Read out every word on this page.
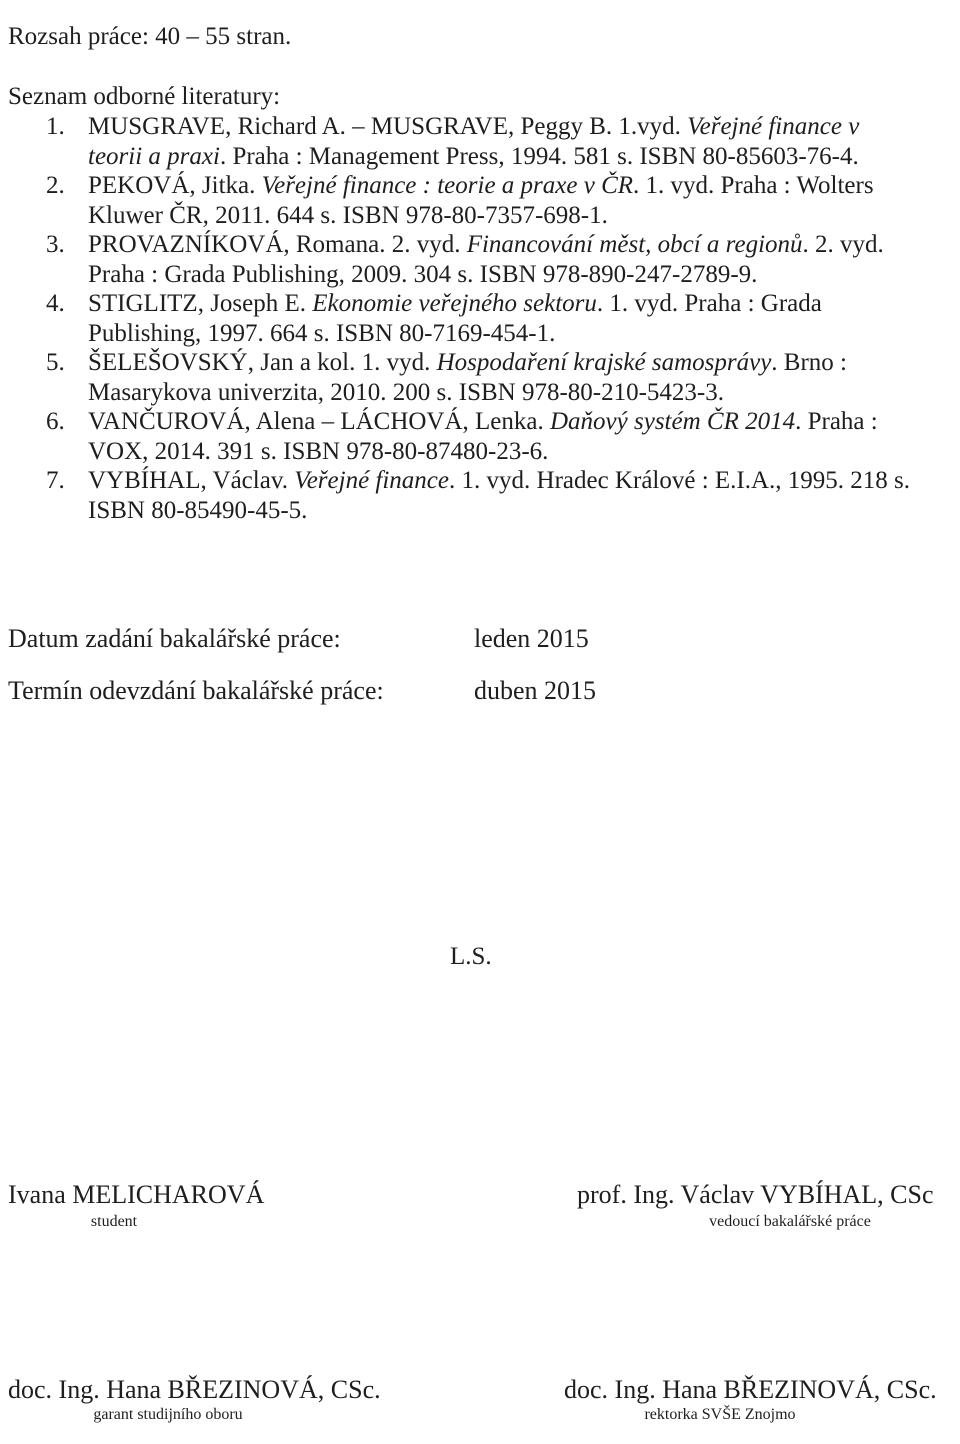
Rozsah práce: 40 – 55 stran.
Seznam odborné literatury:
1. MUSGRAVE, Richard A. – MUSGRAVE, Peggy B. 1.vyd. Veřejné finance v teorii a praxi. Praha : Management Press, 1994. 581 s. ISBN 80-85603-76-4.
2. PEKOVÁ, Jitka. Veřejné finance : teorie a praxe v ČR. 1. vyd. Praha : Wolters Kluwer ČR, 2011. 644 s. ISBN 978-80-7357-698-1.
3. PROVAZNÍKOVÁ, Romana. 2. vyd. Financování měst, obcí a regionů. 2. vyd. Praha : Grada Publishing, 2009. 304 s. ISBN 978-890-247-2789-9.
4. STIGLITZ, Joseph E. Ekonomie veřejného sektoru. 1. vyd. Praha : Grada Publishing, 1997. 664 s. ISBN 80-7169-454-1.
5. ŠELEŠOVSKÝ, Jan a kol. 1. vyd. Hospodaření krajské samosprávy. Brno : Masarykova univerzita, 2010. 200 s. ISBN 978-80-210-5423-3.
6. VANČUROVÁ, Alena – LÁCHOVÁ, Lenka. Daňový systém ČR 2014. Praha : VOX, 2014. 391 s. ISBN 978-80-87480-23-6.
7. VYBÍHAL, Václav. Veřejné finance. 1. vyd. Hradec Králové : E.I.A., 1995. 218 s. ISBN 80-85490-45-5.
Datum zadání bakalářské práce:	leden 2015
Termín odevzdání bakalářské práce:	duben 2015
L.S.
Ivana MELICHAROVÁ
student
prof. Ing. Václav VYBÍHAL, CSc
vedoucí bakalářské práce
doc. Ing. Hana BŘEZINOVÁ, CSc.
garant studijního oboru
doc. Ing. Hana BŘEZINOVÁ, CSc.
rektorka SVŠE Znojmo
